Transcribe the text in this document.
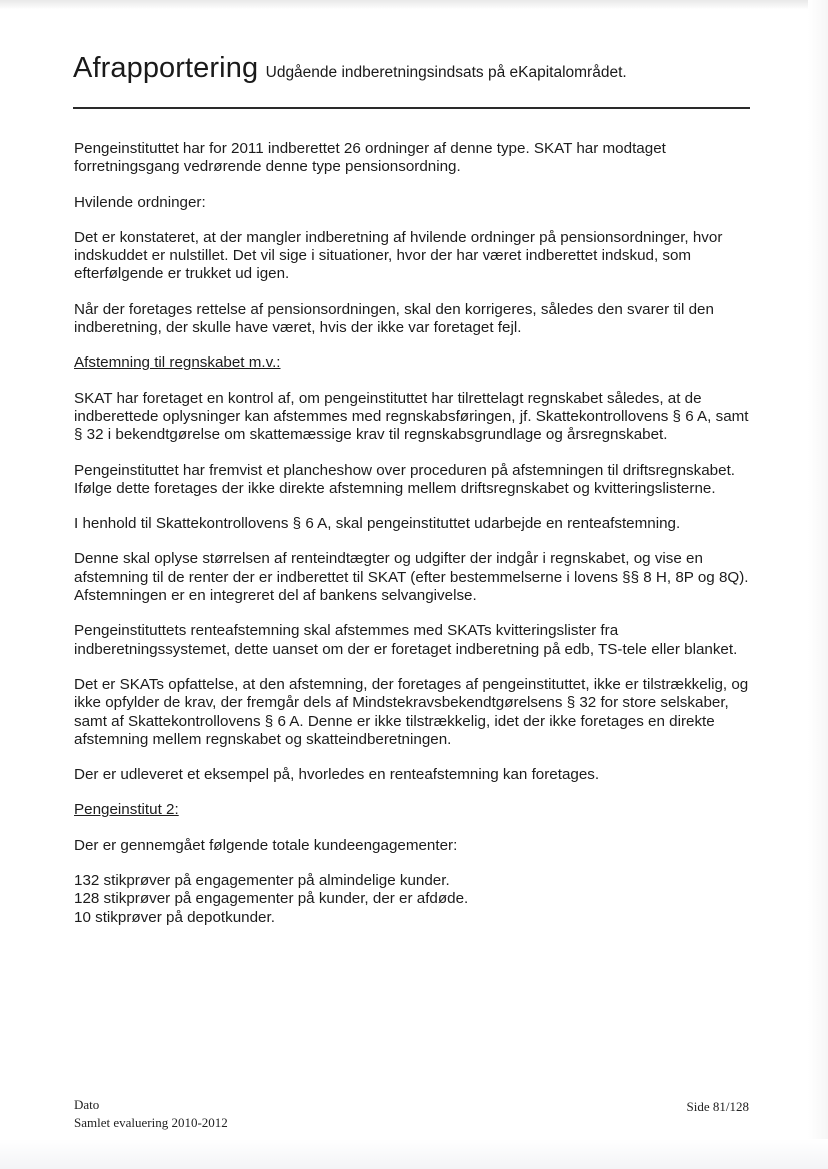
Afrapportering Udgående indberetningsindsats på eKapitalområdet.

Pengeinstituttet har for 2011 indberettet 26 ordninger af denne type. SKAT har modtaget forretningsgang vedrørende denne type pensionsordning.

Hvilende ordninger:

Det er konstateret, at der mangler indberetning af hvilende ordninger på pensionsordninger, hvor indskuddet er nulstillet. Det vil sige i situationer, hvor der har været indberettet indskud, som efterfølgende er trukket ud igen.

Når der foretages rettelse af pensionsordningen, skal den korrigeres, således den svarer til den indberetning, der skulle have været, hvis der ikke var foretaget fejl.

Afstemning til regnskabet m.v.:

SKAT har foretaget en kontrol af, om pengeinstituttet har tilrettelagt regnskabet således, at de indberettede oplysninger kan afstemmes med regnskabsføringen, jf. Skattekontrollovens § 6 A, samt § 32 i bekendtgørelse om skattemæssige krav til regnskabsgrundlage og årsregnskabet.

Pengeinstituttet har fremvist et plancheshow over proceduren på afstemningen til driftsregnskabet. Ifølge dette foretages der ikke direkte afstemning mellem driftsregnskabet og kvitteringslisterne.

I henhold til Skattekontrollovens § 6 A, skal pengeinstituttet udarbejde en renteafstemning.

Denne skal oplyse størrelsen af renteindtægter og udgifter der indgår i regnskabet, og vise en afstemning til de renter der er indberettet til SKAT (efter bestemmelserne i lovens §§ 8 H, 8P og 8Q). Afstemningen er en integreret del af bankens selvangivelse.

Pengeinstituttets renteafstemning skal afstemmes med SKATs kvitteringslister fra indberetningssystemet, dette uanset om der er foretaget indberetning på edb, TS-tele eller blanket.

Det er SKATs opfattelse, at den afstemning, der foretages af pengeinstituttet, ikke er tilstrækkelig, og ikke opfylder de krav, der fremgår dels af Mindstekravsbekendtgørelsens § 32 for store selskaber, samt af Skattekontrollovens § 6 A. Denne er ikke tilstrækkelig, idet der ikke foretages en direkte afstemning mellem regnskabet og skatteindberetningen.

Der er udleveret et eksempel på, hvorledes en renteafstemning kan foretages.

Pengeinstitut 2:

Der er gennemgået følgende totale kundeengagementer:

132 stikprøver på engagementer på almindelige kunder.

128 stikprøver på engagementer på kunder, der er afdøde.

10 stikprøver på depotkunder.

Dato
Samlet evaluering 2010-2012
Side 81/128
